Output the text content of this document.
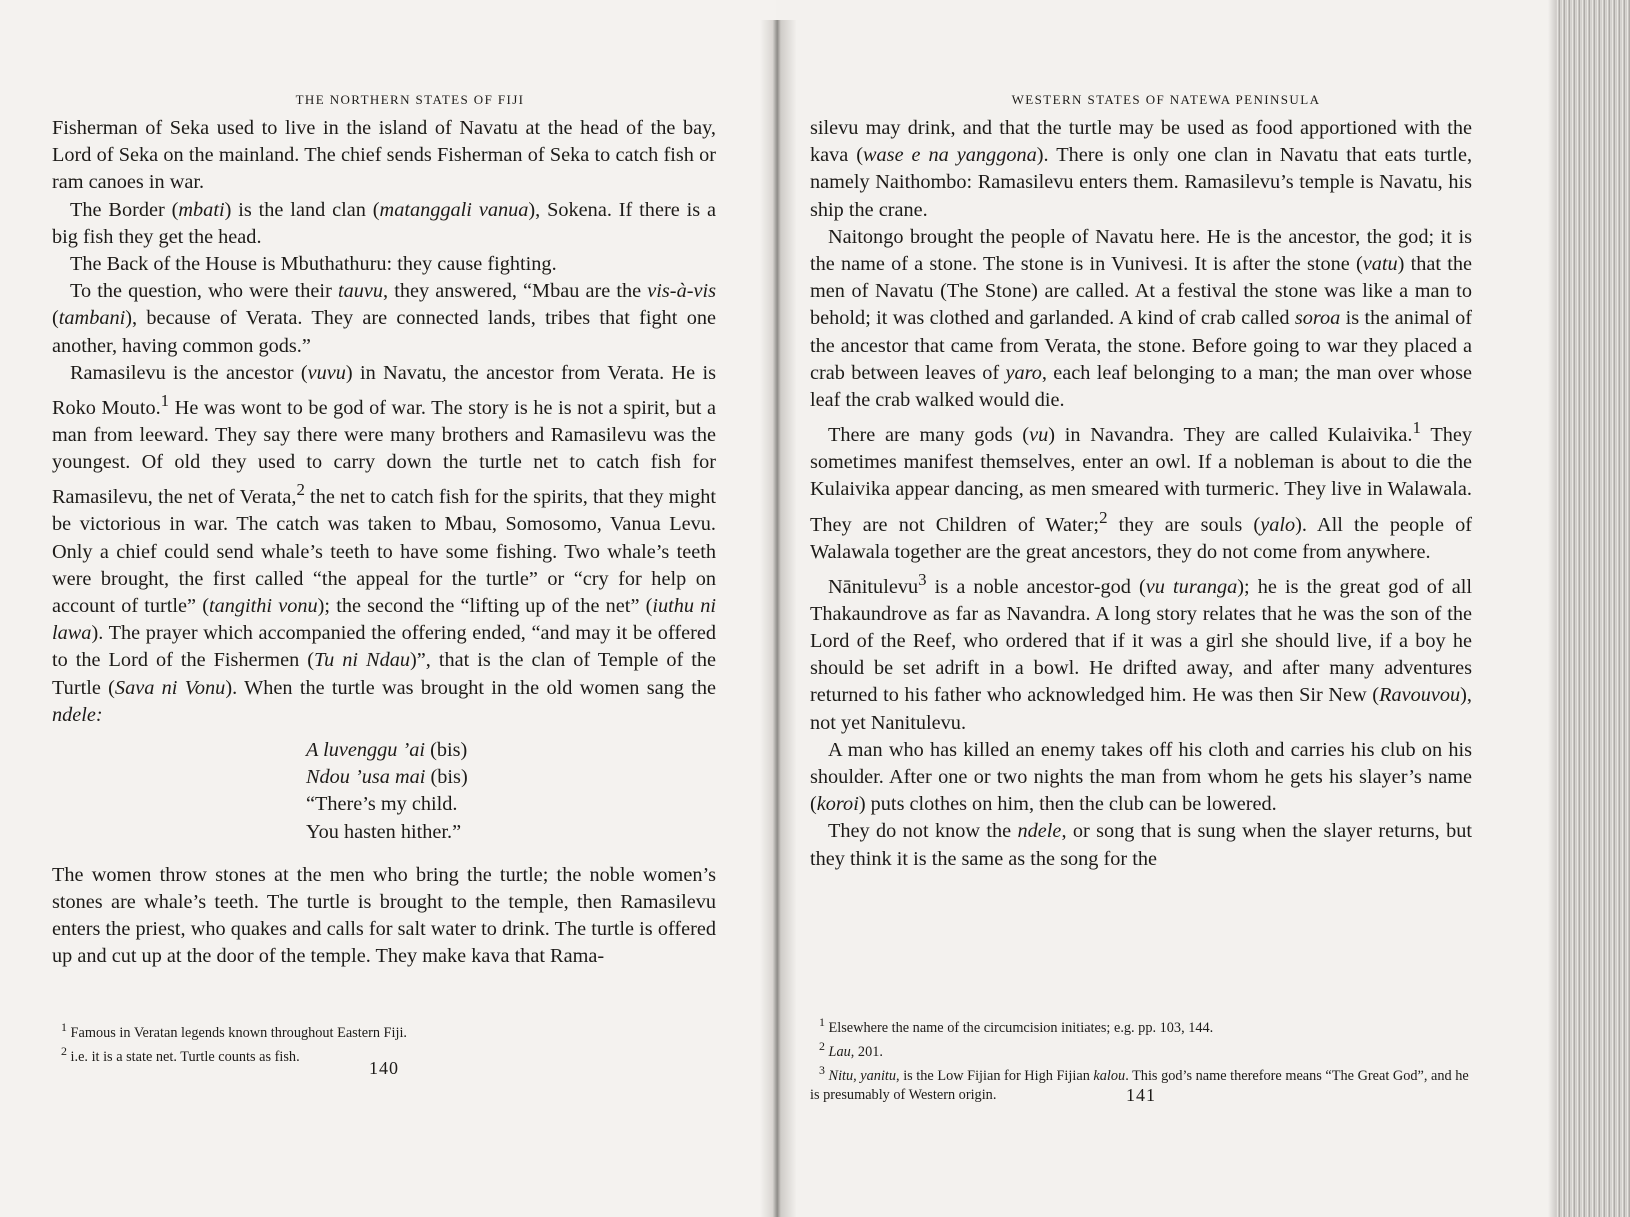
THE NORTHERN STATES OF FIJI

Fisherman of Seka used to live in the island of Navatu at the head of the bay, Lord of Seka on the mainland. The chief sends Fisherman of Seka to catch fish or ram canoes in war.

The Border (mbati) is the land clan (matanggali vanua), Sokena. If there is a big fish they get the head.

The Back of the House is Mbuthathuru: they cause fighting.

To the question, who were their tauvu, they answered, “Mbau are the vis-à-vis (tambani), because of Verata. They are connected lands, tribes that fight one another, having common gods.”

Ramasilevu is the ancestor (vuvu) in Navatu, the ancestor from Verata. He is Roko Mouto.$^1$ He was wont to be god of war. The story is he is not a spirit, but a man from leeward. They say there were many brothers and Ramasilevu was the youngest. Of old they used to carry down the turtle net to catch fish for Ramasilevu, the net of Verata,$^2$ the net to catch fish for the spirits, that they might be victorious in war. The catch was taken to Mbau, Somosomo, Vanua Levu. Only a chief could send whale’s teeth to have some fishing. Two whale’s teeth were brought, the first called “the appeal for the turtle” or “cry for help on account of turtle” (tangithi vonu); the second the “lifting up of the net” (iuthu ni lawa). The prayer which accompanied the offering ended, “and may it be offered to the Lord of the Fishermen (Tu ni Ndau)”, that is the clan of Temple of the Turtle (Sava ni Vonu). When the turtle was brought in the old women sang the ndele:

A luvenggu ’ai (bis)
Ndou ’usa mai (bis)
“There’s my child.
You hasten hither.”

The women throw stones at the men who bring the turtle; the noble women’s stones are whale’s teeth. The turtle is brought to the temple, then Ramasilevu enters the priest, who quakes and calls for salt water to drink. The turtle is offered up and cut up at the door of the temple. They make kava that Rama-

$^1$ Famous in Veratan legends known throughout Eastern Fiji.
$^2$ i.e. it is a state net. Turtle counts as fish.
140
WESTERN STATES OF NATEWA PENINSULA

silevu may drink, and that the turtle may be used as food apportioned with the kava (wase e na yanggona). There is only one clan in Navatu that eats turtle, namely Naithombo: Ramasilevu enters them. Ramasilevu’s temple is Navatu, his ship the crane.

Naitongo brought the people of Navatu here. He is the ancestor, the god; it is the name of a stone. The stone is in Vunivesi. It is after the stone (vatu) that the men of Navatu (The Stone) are called. At a festival the stone was like a man to behold; it was clothed and garlanded. A kind of crab called soroa is the animal of the ancestor that came from Verata, the stone. Before going to war they placed a crab between leaves of yaro, each leaf belonging to a man; the man over whose leaf the crab walked would die.

There are many gods (vu) in Navandra. They are called Kulaivika.$^1$ They sometimes manifest themselves, enter an owl. If a nobleman is about to die the Kulaivika appear dancing, as men smeared with turmeric. They live in Walawala. They are not Children of Water;$^2$ they are souls (yalo). All the people of Walawala together are the great ancestors, they do not come from anywhere.

Nānitulevu$^3$ is a noble ancestor-god (vu turanga); he is the great god of all Thakaundrove as far as Navandra. A long story relates that he was the son of the Lord of the Reef, who ordered that if it was a girl she should live, if a boy he should be set adrift in a bowl. He drifted away, and after many adventures returned to his father who acknowledged him. He was then Sir New (Ravouvou), not yet Nanitulevu.

A man who has killed an enemy takes off his cloth and carries his club on his shoulder. After one or two nights the man from whom he gets his slayer’s name (koroi) puts clothes on him, then the club can be lowered.

They do not know the ndele, or song that is sung when the slayer returns, but they think it is the same as the song for the

$^1$ Elsewhere the name of the circumcision initiates; e.g. pp. 103, 144.
$^2$ Lau, 201.
$^3$ Nitu, yanitu, is the Low Fijian for High Fijian kalou. This god’s name therefore means “The Great God”, and he is presumably of Western origin.	141
